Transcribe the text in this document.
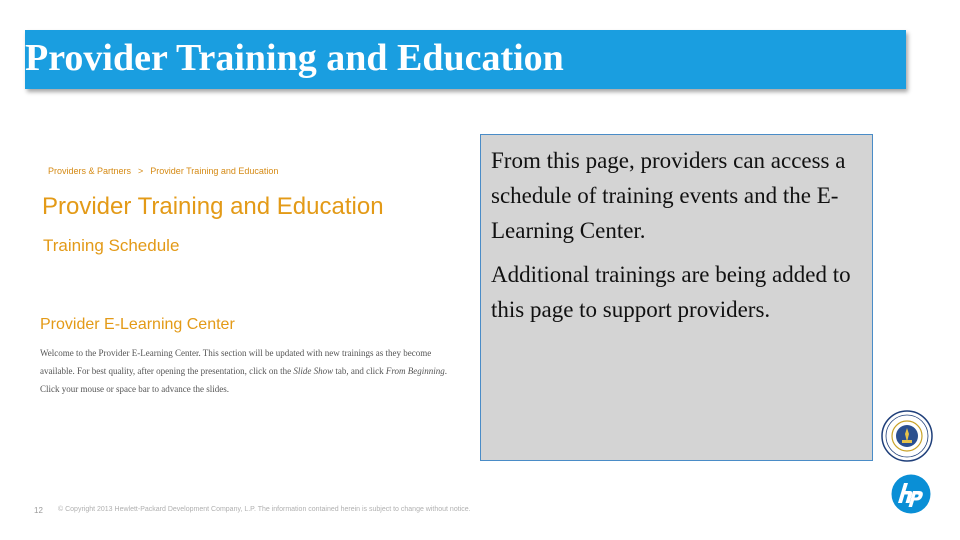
Provider Training and Education
Providers & Partners > Provider Training and Education
Provider Training and Education
Training Schedule
Provider E-Learning Center
Welcome to the Provider E-Learning Center. This section will be updated with new trainings as they become available. For best quality, after opening the presentation, click on the Slide Show tab, and click From Beginning. Click your mouse or space bar to advance the slides.

From this page, providers can access a schedule of training events and the E-Learning Center.

Additional trainings are being added to this page to support providers.

12 © Copyright 2013 Hewlett-Packard Development Company, L.P. The information contained herein is subject to change without notice.
